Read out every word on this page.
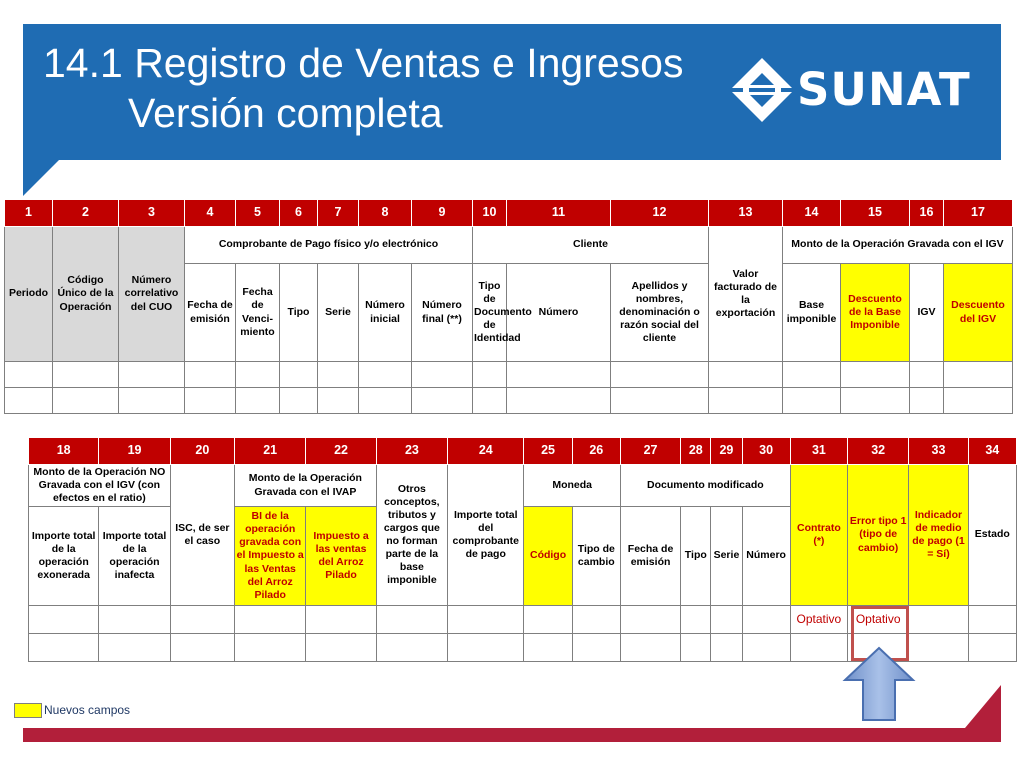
14.1 Registro de Ventas e Ingresos
Versión completa	SUNAT
1	2	3	4	5	6	7	8	9	10	11	12	13	14	15	16	17
Periodo	Código Único de la Operación	Número correlativo del CUO	Comprobante de Pago físico y/o electrónico						Cliente			Valor facturado de la exportación	Monto de la Operación Gravada con el IGV			
			Fecha de emisión	Fecha de Venci-miento	Tipo	Serie	Número inicial	Número final (**)	Tipo de Documento de Identidad	Número	Apellidos y nombres, denominación o razón social del cliente		Base imponible	Descuento de la Base Imponible	IGV	Descuento del IGV

18	19	20	21	22	23	24	25	26	27	28	29	30	31	32	33	34
Monto de la Operación NO Gravada con el IGV (con efectos en el ratio)		ISC, de ser el caso	Monto de la Operación Gravada con el IVAP		Otros conceptos, tributos y cargos que no forman parte de la base imponible	Importe total del comprobante de pago	Moneda		Documento modificado				Contrato (*)	Error tipo 1 (tipo de cambio)	Indicador de medio de pago (1 = Sí)	Estado
Importe total de la operación exonerada	Importe total de la operación inafecta		BI de la operación gravada con el Impuesto a las Ventas del Arroz Pilado	Impuesto a las ventas del Arroz Pilado			Código	Tipo de cambio	Fecha de emisión	Tipo	Serie	Número				
													Optativo	Optativo		

Nuevos campos
